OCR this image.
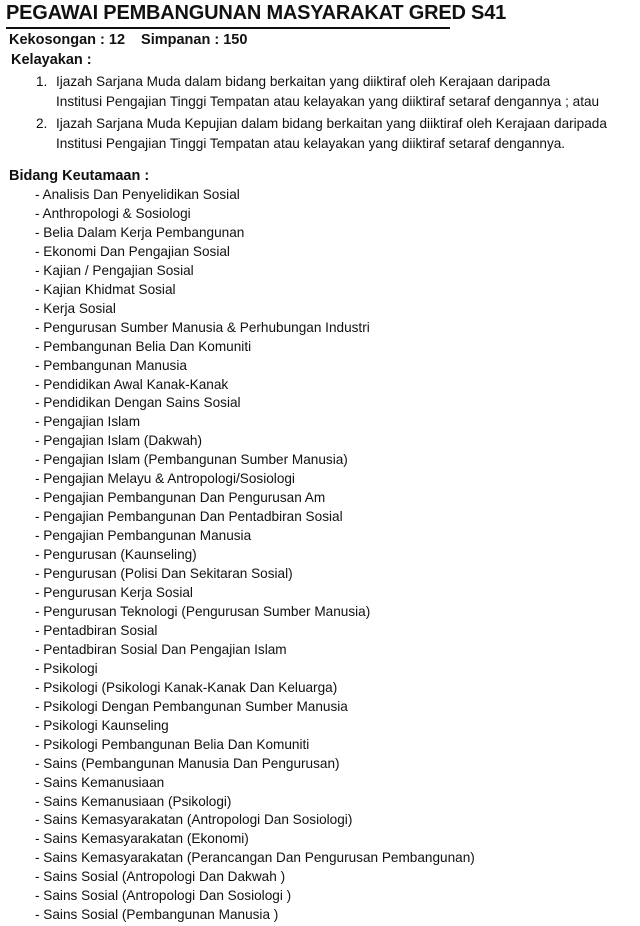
PEGAWAI PEMBANGUNAN MASYARAKAT GRED S41
Kekosongan : 12 Simpanan : 150
Kelayakan :
1. Ijazah Sarjana Muda dalam bidang berkaitan yang diiktiraf oleh Kerajaan daripada
Institusi Pengajian Tinggi Tempatan atau kelayakan yang diiktiraf setaraf dengannya ; atau
2. Ijazah Sarjana Muda Kepujian dalam bidang berkaitan yang diiktiraf oleh Kerajaan daripada
Institusi Pengajian Tinggi Tempatan atau kelayakan yang diiktiraf setaraf dengannya.
Bidang Keutamaan :
- Analisis Dan Penyelidikan Sosial
- Anthropologi & Sosiologi
- Belia Dalam Kerja Pembangunan
- Ekonomi Dan Pengajian Sosial
- Kajian / Pengajian Sosial
- Kajian Khidmat Sosial
- Kerja Sosial
- Pengurusan Sumber Manusia & Perhubungan Industri
- Pembangunan Belia Dan Komuniti
- Pembangunan Manusia
- Pendidikan Awal Kanak-Kanak
- Pendidikan Dengan Sains Sosial
- Pengajian Islam
- Pengajian Islam (Dakwah)
- Pengajian Islam (Pembangunan Sumber Manusia)
- Pengajian Melayu & Antropologi/Sosiologi
- Pengajian Pembangunan Dan Pengurusan Am
- Pengajian Pembangunan Dan Pentadbiran Sosial
- Pengajian Pembangunan Manusia
- Pengurusan (Kaunseling)
- Pengurusan (Polisi Dan Sekitaran Sosial)
- Pengurusan Kerja Sosial
- Pengurusan Teknologi (Pengurusan Sumber Manusia)
- Pentadbiran Sosial
- Pentadbiran Sosial Dan Pengajian Islam
- Psikologi
- Psikologi (Psikologi Kanak-Kanak Dan Keluarga)
- Psikologi Dengan Pembangunan Sumber Manusia
- Psikologi Kaunseling
- Psikologi Pembangunan Belia Dan Komuniti
- Sains (Pembangunan Manusia Dan Pengurusan)
- Sains Kemanusiaan
- Sains Kemanusiaan (Psikologi)
- Sains Kemasyarakatan (Antropologi Dan Sosiologi)
- Sains Kemasyarakatan (Ekonomi)
- Sains Kemasyarakatan (Perancangan Dan Pengurusan Pembangunan)
- Sains Sosial (Antropologi Dan Dakwah )
- Sains Sosial (Antropologi Dan Sosiologi )
- Sains Sosial (Pembangunan Manusia )
